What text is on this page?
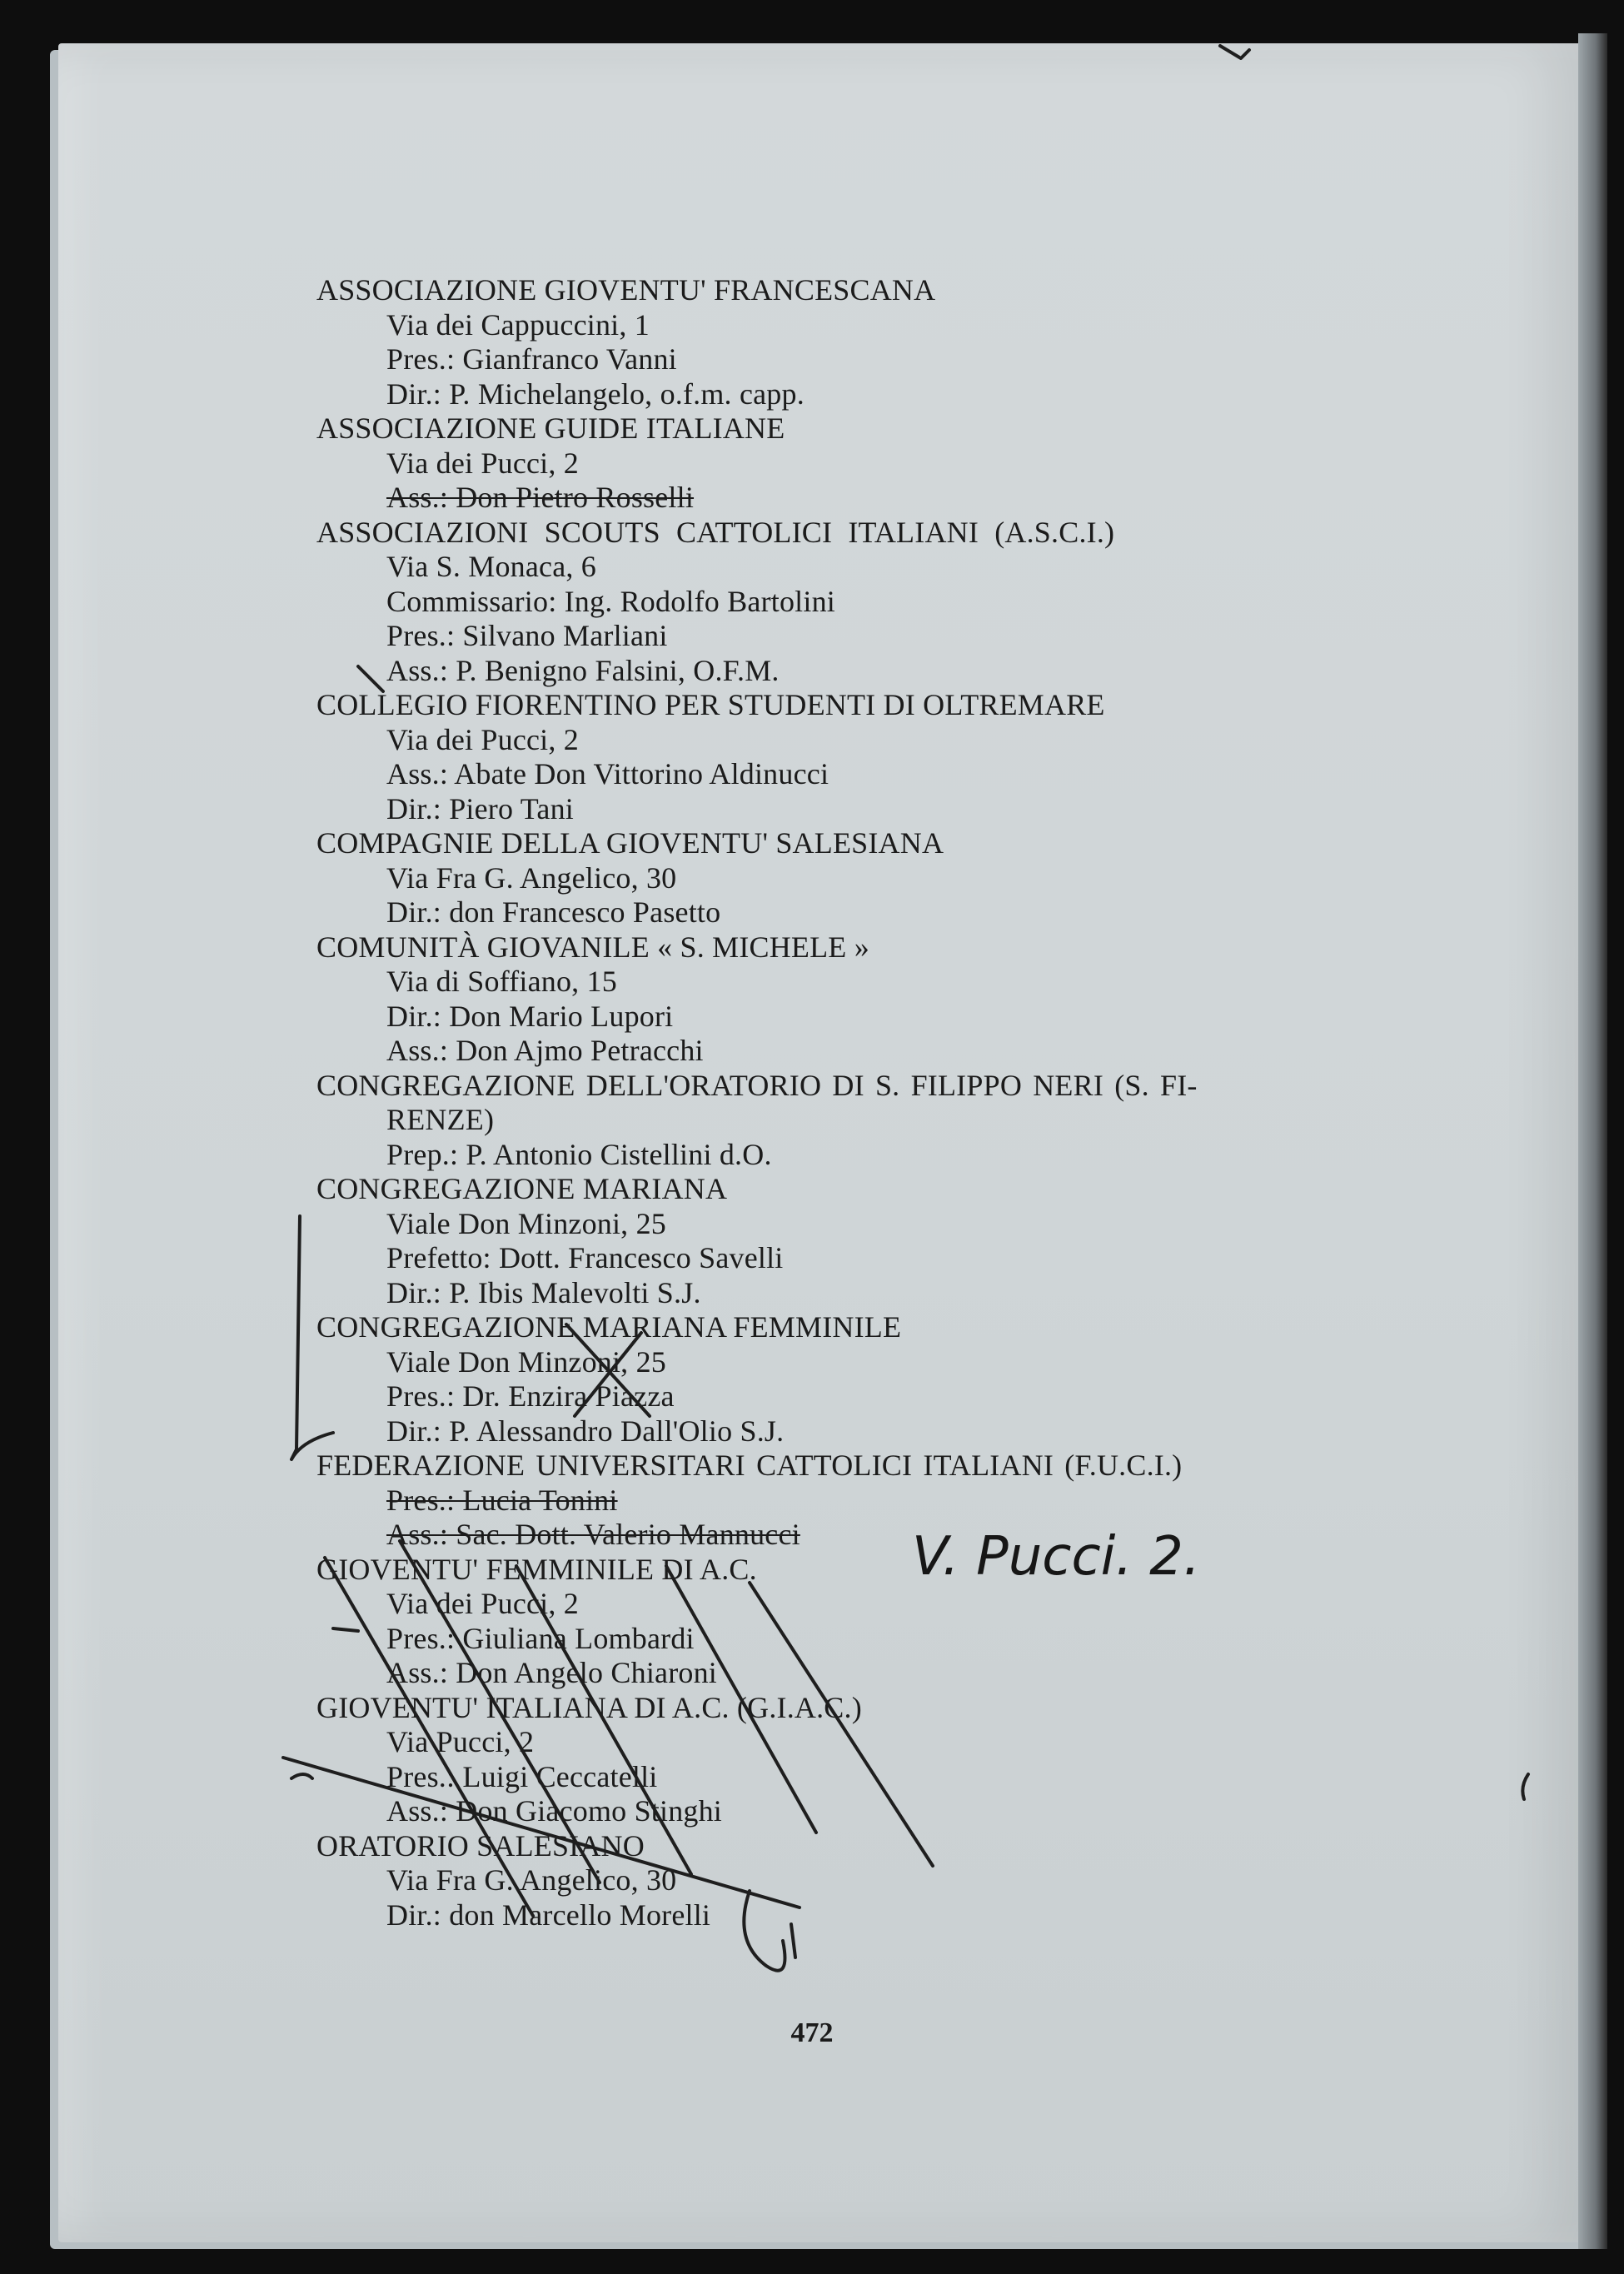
ASSOCIAZIONE GIOVENTU' FRANCESCANA
Via dei Cappuccini, 1
Pres.: Gianfranco Vanni
Dir.: P. Michelangelo, o.f.m. capp.
ASSOCIAZIONE GUIDE ITALIANE
Via dei Pucci, 2
Ass.: Don Pietro Rosselli
ASSOCIAZIONI SCOUTS CATTOLICI ITALIANI (A.S.C.I.)
Via S. Monaca, 6
Commissario: Ing. Rodolfo Bartolini
Pres.: Silvano Marliani
Ass.: P. Benigno Falsini, O.F.M.
COLLEGIO FIORENTINO PER STUDENTI DI OLTREMARE
Via dei Pucci, 2
Ass.: Abate Don Vittorino Aldinucci
Dir.: Piero Tani
COMPAGNIE DELLA GIOVENTU' SALESIANA
Via Fra G. Angelico, 30
Dir.: don Francesco Pasetto
COMUNITÀ GIOVANILE « S. MICHELE »
Via di Soffiano, 15
Dir.: Don Mario Lupori
Ass.: Don Ajmo Petracchi
CONGREGAZIONE DELL'ORATORIO DI S. FILIPPO NERI (S. FI-
RENZE)
Prep.: P. Antonio Cistellini d.O.
CONGREGAZIONE MARIANA
Viale Don Minzoni, 25
Prefetto: Dott. Francesco Savelli
Dir.: P. Ibis Malevolti S.J.
CONGREGAZIONE MARIANA FEMMINILE
Viale Don Minzoni, 25
Pres.: Dr. Enzira Piazza
Dir.: P. Alessandro Dall'Olio S.J.
FEDERAZIONE UNIVERSITARI CATTOLICI ITALIANI (F.U.C.I.)
Pres.: Lucia Tonini
Ass.: Sac. Dott. Valerio Mannucci
GIOVENTU' FEMMINILE DI A.C.
Via dei Pucci, 2
Pres.: Giuliana Lombardi
Ass.: Don Angelo Chiaroni
GIOVENTU' ITALIANA DI A.C. (G.I.A.C.)
Via Pucci, 2
Pres.: Luigi Ceccatelli
Ass.: Don Giacomo Stinghi
ORATORIO SALESIANO
Via Fra G. Angelico, 30
Dir.: don Marcello Morelli
472
V. Pucci. 2.
